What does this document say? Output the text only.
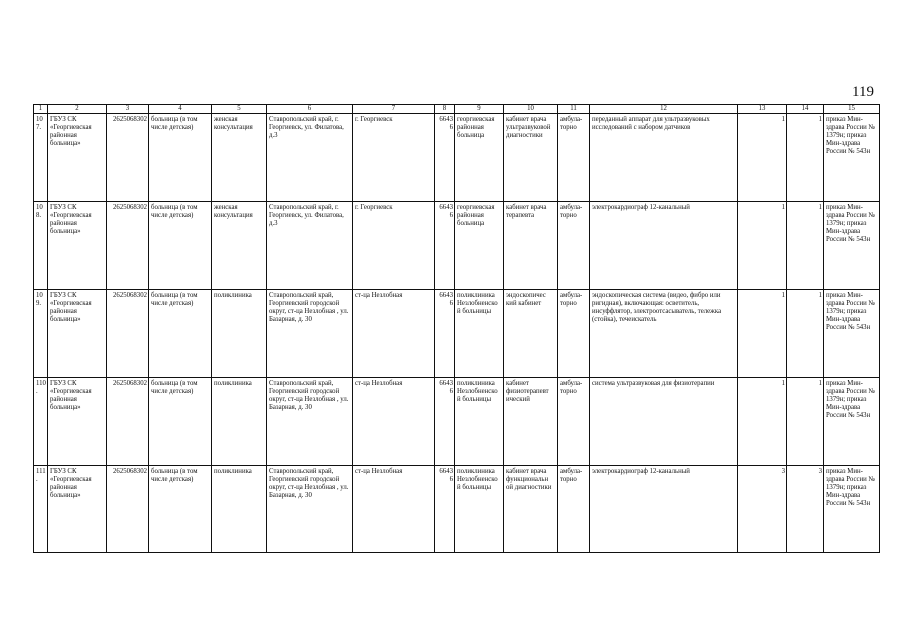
119
1	2	3	4	5	6	7	8	9	10	11	12	13	14	15	
107.	ГБУЗ СК «Георгиевская районная больница»	2625068302	больница (в том числе детская)	женская консультация	Ставропольский край, г. Георгиевск, ул. Филатова, д.3	г. Георгиевск	66436	георгиевская районная больница	кабинет врача ультразвуковой диагностики	амбула-торно	переданный аппарат для ультразвуковых исследований с набором датчиков	1	1	приказ Мин-здрава России № 1379н; приказ Мин-здрава России № 543н	
108.	ГБУЗ СК «Георгиевская районная больница»	2625068302	больница (в том числе детская)	женская консультация	Ставропольский край, г. Георгиевск, ул. Филатова, д.3	г. Георгиевск	66436	георгиевская районная больница	кабинет врача терапевта	амбула-торно	электрокардиограф 12-канальный	1	1	приказ Мин-здрава России № 1379н; приказ Мин-здрава России № 543н	
109.	ГБУЗ СК «Георгиевская районная больница»	2625068302	больница (в том числе детская)	поликлиника	Ставропольский край, Георгиевский городской округ, ст-ца Незлобная , ул. Базарная, д. 30	ст-ца Незлобная	66436	поликлиника Незлобненско й больницы	эндоскопичес кий кабинет	амбула-торно	эндоскопическая система (видео, фибро или ригидная), включающая: осветитель, инсуффлятор, электроотсасыватель, тележка (стойка), течеискатель	1	1	приказ Мин-здрава России № 1379н; приказ Мин-здрава России № 543н	
110.	ГБУЗ СК «Георгиевская районная больница»	2625068302	больница (в том числе детская)	поликлиника	Ставропольский край, Георгиевский городской округ, ст-ца Незлобная , ул. Базарная, д. 30	ст-ца Незлобная	66436	поликлиника Незлобненско й больницы	кабинет физиотерапевт ический	амбула-торно	система ультразвуковая для физиотерапии	1	1	приказ Мин-здрава России № 1379н; приказ Мин-здрава России № 543н	
111.	ГБУЗ СК «Георгиевская районная больница»	2625068302	больница (в том числе детская)	поликлиника	Ставропольский край, Георгиевский городской округ, ст-ца Незлобная , ул. Базарная, д. 30	ст-ца Незлобная	66436	поликлиника Незлобненско й больницы	кабинет врача функциональн ой диагностики	амбула-торно	электрокардиограф 12-канальный	3	3	приказ Мин-здрава России № 1379н; приказ Мин-здрава России № 543н	
